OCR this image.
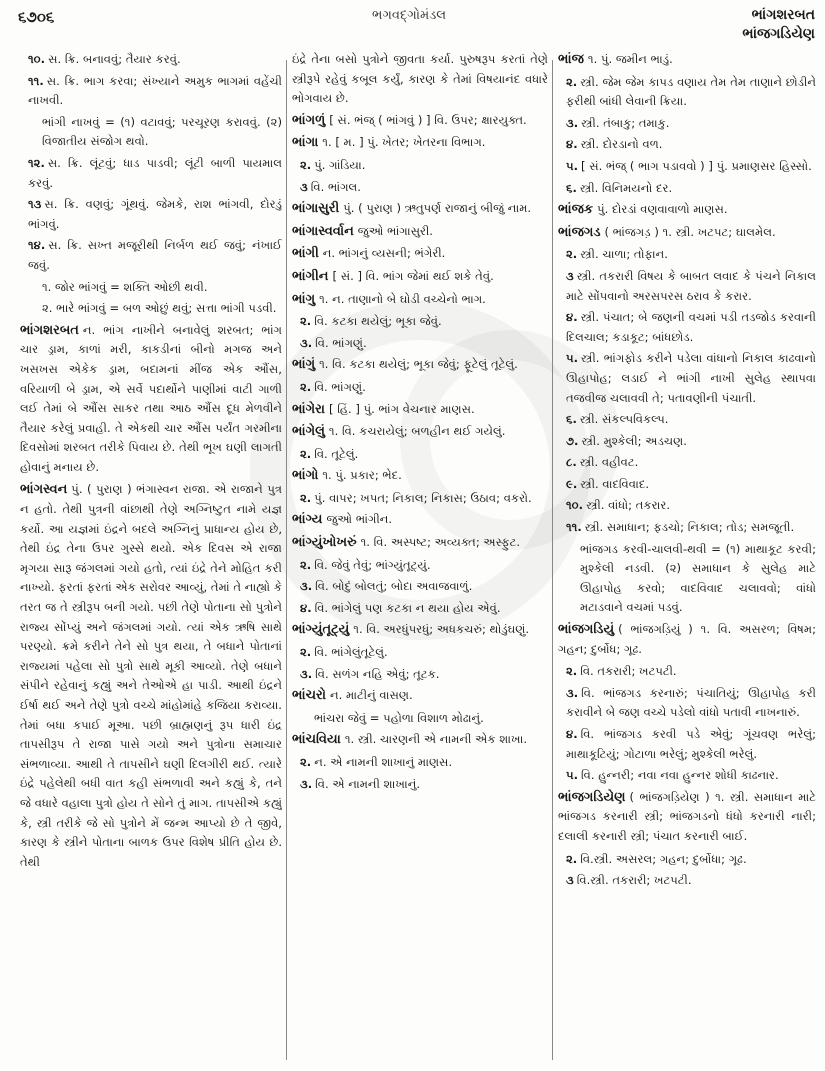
૬૭૦૬	ભગવદ્ગોમંડલ	ભાંગશરબત
ભાંજગડિયેણ
૧૦. સ. ક્રિ. બનાવવું; તૈયાર કરવું.
૧૧. સ. ક્રિ. ભાગ કરવા; સંખ્યાને અમુક ભાગમાં વહેંચી નાખવી.
ભાંગી નાખવું = (૧) વટાવવું; પરચૂરણ કરાવવું. (૨) વિજાતીય સંજોગ થવો.
૧૨. સ. ક્રિ. લૂંટવું; ધાડ પાડવી; લૂંટી બાળી પાયમાલ કરવું.
૧૩ સ. ક્રિ. વણવું; ગૂંથવું. જેમકે, રાશ ભાંગવી, દોરડું ભાંગવું.
૧૪. સ. ક્રિ. સખ્ત મજૂરીથી નિર્બળ થઈ જવું; નંખાઈ જવું.
૧. જોર ભાંગવું = શક્તિ ઓછી થવી.
૨. ભારે ભાંગવું = બળ ઓછું થવું; સત્તા ભાંગી પડવી.
ભાંગશરબત ન. ભાંગ નાખીને બનાવેલું શરબત; ભાંગ ચાર ડ્રામ, કાળાં મરી, કાકડીનાં બીનો મગજ અને ખસખસ એકેક ડ્રામ, બદામનાં મીંજ એક ઔંસ, વરિયાળી બે ડ્રામ, એ સર્વે પદાર્થોને પાણીમાં વાટી ગાળી લઈ તેમાં બે ઔંસ સાકર તથા આઠ ઔંસ દૂધ મેળવીને તૈયાર કરેલું પ્રવાહી. તે એકથી ચાર ઔંસ પર્યંત ગરમીના દિવસોમાં શરબત તરીકે પિવાય છે. તેથી ભૂખ ઘણી લાગતી હોવાનું મનાય છે.
ભાંગસ્વન પું. ( પુરાણ ) ભંગાસ્વન રાજા. એ રાજાને પુત્ર ન હતો. તેથી પુત્રની વાંછાથી તેણે અગ્નિષ્ટુત નામે યજ્ઞ કર્યો. આ યજ્ઞમાં ઇંદ્રને બદલે અગ્નિનું પ્રાધાન્ય હોય છે, તેથી ઇંદ્ર તેના ઉપર ગુસ્સે થયો. એક દિવસ એ રાજા મૃગયા સારૂ જંગલમાં ગયો હતો, ત્યાં ઇંદ્રે તેને મોહિત કરી નાખ્યો. ફરતાં ફરતાં એક સરોવર આવ્યું, તેમાં તે નાહ્યો કે તરત જ તે સ્ત્રીરૂપ બની ગયો. પછી તેણે પોતાના સો પુત્રોને રાજ્ય સોંપ્યું અને જંગલમાં ગયો. ત્યાં એક ઋષિ સાથે પરણ્યો. ક્રમે કરીને તેને સો પુત્ર થયા, તે બધાને પોતાનાં રાજ્યમાં પહેલા સો પુત્રો સાથે મૂકી આવ્યો. તેણે બધાને સંપીને રહેવાનું કહ્યું અને તેઓએ હા પાડી. આથી ઇંદ્રને ઈર્ષા થઈ અને તેણે પુત્રો વચ્ચે માંહોમાંહે કજિયા કરાવ્યા. તેમાં બધા કપાઈ મૂઆ. પછી બ્રાહ્મણનું રૂપ ધારી ઇંદ્ર તાપસીરૂપ તે રાજા પાસે ગયો અને પુત્રોના સમાચાર સંભળાવ્યા. આથી તે તાપસીને ઘણી દિલગીરી થઈ. ત્યારે ઇંદ્રે પહેલેથી બધી વાત કહી સંભળાવી અને કહ્યું કે, તને જે વધારે વહાલા પુત્રો હોય તે સોને તું માગ. તાપસીએ કહ્યું કે, સ્ત્રી તરીકે જે સો પુત્રોને મેં જન્મ આપ્યો છે તે જીવે, કારણ કે સ્ત્રીને પોતાના બાળક ઉપર વિશેષ પ્રીતિ હોય છે. તેથી
ઇંદ્રે તેના બસો પુત્રોને જીવતા કર્યા. પુરુષરૂપ કરતાં તેણે સ્ત્રીરૂપે રહેવું કબૂલ કર્યું, કારણ કે તેમાં વિષયાનંદ વધારે ભોગવાય છે.
ભાંગળું [ સં. ભંજ્ ( ભાંગવું ) ] વિ. ઉપર; ક્ષારયુક્ત.
ભાંગા ૧. [ મ. ] પું. ખેતર; ખેતરના વિભાગ.
૨. પું. ગાંડિયા.
૩ વિ. ભાંગલ.
ભાંગાસુરી પું. ( પુરાણ ) ઋતુપર્ણ રાજાનું બીજું નામ.
ભાંગાસ્વર્વાન જુઓ ભાંગાસુરી.
ભાંગી ન. ભાંગનું વ્યસની; ભંગેરી.
ભાંગીન [ સં. ] વિ. ભાંગ જેમાં થઈ શકે તેવું.
ભાંગુ ૧. ન. તાણાનો બે ઘોડી વચ્ચેનો ભાગ.
૨. વિ. કટકા થયેલું; ભૂકા જેવું.
૩. વિ. ભાંગણું.
ભાંગું ૧. વિ. કટકા થયેલું; ભૂકા જેવું; ફૂટેલું તૂટેલું.
૨. વિ. ભાંગણું.
ભાંગેરા [ હિં. ] પું. ભાંગ વેચનાર માણસ.
ભાંગેલું ૧. વિ. કચરાયેલું; બળહીન થઈ ગયેલું.
૨. વિ. તૂટેલું.
ભાંગો ૧. પું. પ્રકાર; ભેદ.
૨. પું. વાપર; ખપત; નિકાલ; નિકાસ; ઉઠાવ; વકરો.
ભાંગ્ય જુઓ ભાંગીન.
ભાંગ્યુંખોખરું ૧. વિ. અસ્પષ્ટ; અવ્યક્ત; અસ્ફુટ.
૨. વિ. જેવું તેવું; ભાંગ્યુંતૂટ્યું.
૩. વિ. બોદું બોલતું; બોદા અવાજવાળું.
૪. વિ. ભાંગેલું પણ કટકા ન થયા હોય એવું.
ભાંગ્યુંતૂટ્યું ૧. વિ. અરધુંપરધું; અધકચરું; થોડુંઘણું.
૨. વિ. ભાંગેલુંતૂટેલું.
૩. વિ. સળંગ નહિ એવું; તૂટક.
ભાંચરો ન. માટીનું વાસણ.
ભાંચરા જેવું = પહોળા વિશાળ મોઢાનું.
ભાંચવિયા ૧. સ્ત્રી. ચારણની એ નામની એક શાખા.
૨. ન. એ નામની શાખાનું માણસ.
૩. વિ. એ નામની શાખાનું.
ભાંજ ૧. પું. જમીન ભાડું.
૨. સ્ત્રી. જેમ જેમ કાપડ વણાય તેમ તેમ તાણાને છોડીને ફરીથી બાંધી લેવાની ક્રિયા.
૩. સ્ત્રી. તંબાકુ; તમાકુ.
૪. સ્ત્રી. દોરડાનો વળ.
૫. [ સં. ભંજ્ ( ભાગ પડાવવો ) ] પું. પ્રમાણસર હિસ્સો.
૬. સ્ત્રી. વિનિમયનો દર.
ભાંજક પું. દોરડાં વણવાવાળો માણસ.
ભાંજગડ ( ભાંજગડ઼ ) ૧. સ્ત્રી. ખટપટ; ઘાલમેલ.
૨. સ્ત્રી. ચાળા; તોફાન.
૩ સ્ત્રી. તકરારી વિષય કે બાબત લવાદ કે પંચને નિકાલ માટે સોંપવાનો અરસપરસ ઠરાવ કે કરાર.
૪. સ્ત્રી. પંચાત; બે જણની વચમાં પડી તડજોડ કરવાની દિલચાલ; કડાકૂટ; બાંધછોડ.
૫. સ્ત્રી. ભાંગફોડ કરીને પડેલા વાંધાનો નિકાલ કાઢવાનો ઊહાપોહ; લડાઈ ને ભાંગી નાખી સુલેહ સ્થાપવા તજવીજ ચલાવવી તે; પતાવણીની પંચાતી.
૬. સ્ત્રી. સંકલ્પવિકલ્પ.
૭. સ્ત્રી. મુશ્કેલી; અડચણ.
૮. સ્ત્રી. વહીવટ.
૯. સ્ત્રી. વાદવિવાદ.
૧૦. સ્ત્રી. વાંધો; તકરાર.
૧૧. સ્ત્રી. સમાધાન; ફડચો; નિકાલ; તોડ; સમજૂતી.
ભાંજગડ કરવી-ચાલવી-થવી = (૧) માથાકૂટ કરવી; મુશ્કેલી નડવી. (૨) સમાધાન કે સુલેહ માટે ઊહાપોહ કરવો; વાદવિવાદ ચલાવવો; વાંધો મટાડવાને વચમાં પડવું.
ભાંજગડિયું ( ભાંજગડ઼િયું ) ૧. વિ. અસરળ; વિષમ; ગહન; દુર્બોધ; ગૂઢ.
૨. વિ. તકરારી; ખટપટી.
૩. વિ. ભાંજગડ કરનારું; પંચાતિયું; ઊહાપોહ કરી કરાવીને બે જણ વચ્ચે પડેલો વાંધો પતાવી નાખનારું.
૪. વિ. ભાંજગડ કરવી પડે એવું; ગૂંચવણ ભરેલું; માથાકૂટિયું; ગોટાળા ભરેલું; મુશ્કેલી ભરેલું.
૫. વિ. હુન્નરી; નવા નવા હુન્નર શોધી કાઢનાર.
ભાંજગડિયેણ ( ભાંજગડ઼િયેણ ) ૧. સ્ત્રી. સમાધાન માટે ભાંજગડ કરનારી સ્ત્રી; ભાંજગડનો ધંધો કરનારી નારી; દલાલી કરનારી સ્ત્રી; પંચાત કરનારી બાઈ.
૨. વિ.સ્ત્રી. અસરલ; ગહન; દુર્બોધા; ગૂઢ.
૩ વિ.સ્ત્રી. તકરારી; ખટપટી.
